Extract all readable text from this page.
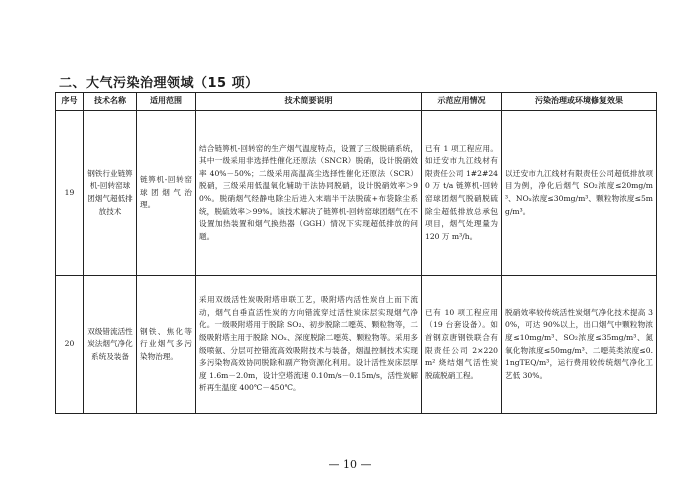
二、大气污染治理领域（15 项）
序号	技术名称	适用范围	技术简要说明	示范应用情况	污染治理或环境修复效果
19	钢铁行业链箅机-回转窑球团烟气超低排放技术	链箅机-回转窑球团烟气治理。	结合链箅机-回转窑的生产烟气温度特点，设置了三级脱硝系统，其中一级采用非选择性催化还原法（SNCR）脱硝，设计脱硝效率 40%－50%；二级采用高温高尘选择性催化还原法（SCR）脱硝，三级采用低温氧化辅助干法协同脱硝，设计脱硝效率＞90%。脱硝烟气经静电除尘后进入末端半干法脱硫+布袋除尘系统，脱硫效率＞99%。该技术解决了链箅机-回转窑球团烟气在不设置加热装置和烟气换热器（GGH）情况下实现超低排放的问题。	已有 1 项工程应用。如迁安市九江线材有限责任公司 1#2#240 万 t/a 链箅机-回转窑球团烟气脱硝脱硫除尘超低排放总承包项目，烟气处理量为 120 万 m³/h。	以迁安市九江线材有限责任公司超低排放项目为例，净化后烟气 SO₂浓度≤20mg/m³、NOₓ浓度≤30mg/m³、颗粒物浓度≤5mg/m³。
20	双级错流活性炭法烟气净化系统及装备	钢铁、焦化等行业烟气多污染物治理。	采用双级活性炭吸附塔串联工艺，吸附塔内活性炭自上而下流动，烟气自垂直活性炭的方向错流穿过活性炭床层实现烟气净化。一级吸附塔用于脱除 SO₂、初步脱除二噁英、颗粒物等，二级吸附塔主用于脱除 NOₓ、深度脱除二噁英、颗粒物等。采用多级喷氨、分层可控错流高效吸附技术与装备，烟温控制技术实现多污染物高效协同脱除和副产物资源化利用。设计活性炭床层厚度 1.6m－2.0m，设计空塔流速 0.10m/s－0.15m/s，活性炭解析再生温度 400℃－450℃。	已有 10 项工程应用（19 台套设备）。如首钢京唐钢铁联合有限责任公司 2×220m² 烧结烟气活性炭脱硫脱硝工程。	脱硝效率较传统活性炭烟气净化技术提高 30%，可达 90%以上，出口烟气中颗粒物浓度≤10mg/m³、SO₂浓度≤35mg/m³、氮氧化物浓度≤50mg/m³、二噁英类浓度≤0.1ngTEQ/m³，运行费用较传统烟气净化工艺低 30%。
— 10 —
